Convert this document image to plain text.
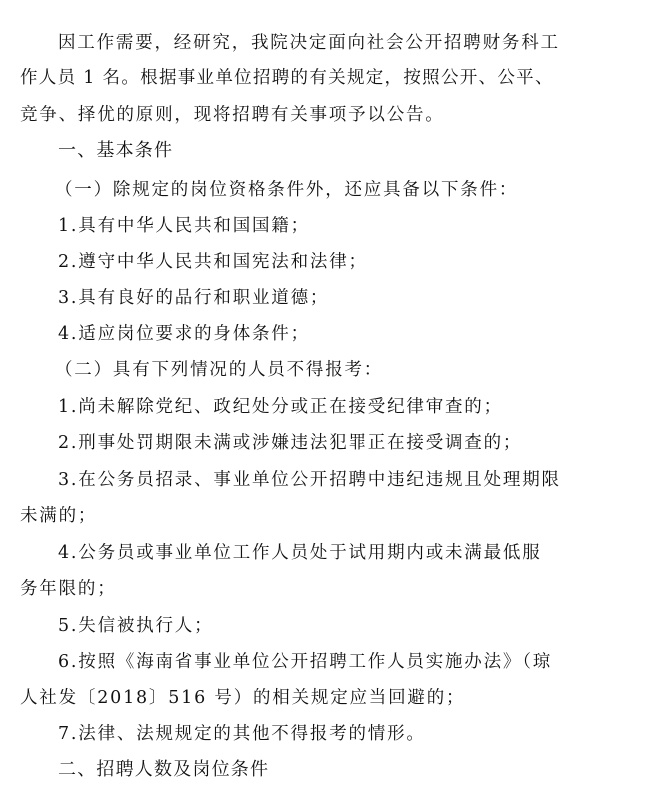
因工作需要，经研究，我院决定面向社会公开招聘财务科工
作人员 1 名。根据事业单位招聘的有关规定，按照公开、公平、
竞争、择优的原则，现将招聘有关事项予以公告。
一、基本条件
（一）除规定的岗位资格条件外，还应具备以下条件：
1.具有中华人民共和国国籍；
2.遵守中华人民共和国宪法和法律；
3.具有良好的品行和职业道德；
4.适应岗位要求的身体条件；
（二）具有下列情况的人员不得报考：
1.尚未解除党纪、政纪处分或正在接受纪律审查的；
2.刑事处罚期限未满或涉嫌违法犯罪正在接受调查的；
3.在公务员招录、事业单位公开招聘中违纪违规且处理期限
未满的；
4.公务员或事业单位工作人员处于试用期内或未满最低服
务年限的；
5.失信被执行人；
6.按照《海南省事业单位公开招聘工作人员实施办法》（琼
人社发〔2018〕516 号）的相关规定应当回避的；
7.法律、法规规定的其他不得报考的情形。
二、招聘人数及岗位条件
